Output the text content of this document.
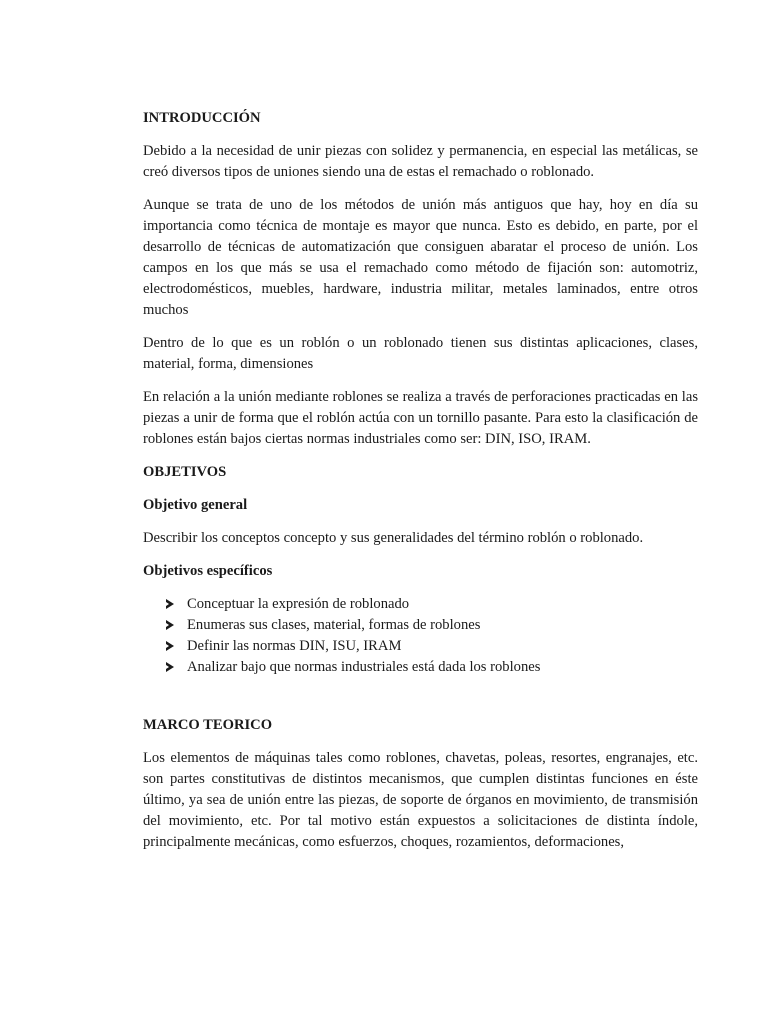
INTRODUCCIÓN

Debido a la necesidad de unir piezas con solidez y permanencia, en especial las metálicas, se creó diversos tipos de uniones siendo una de estas el remachado o roblonado.

Aunque se trata de uno de los métodos de unión más antiguos que hay, hoy en día su importancia como técnica de montaje es mayor que nunca. Esto es debido, en parte, por el desarrollo de técnicas de automatización que consiguen abaratar el proceso de unión. Los campos en los que más se usa el remachado como método de fijación son: automotriz, electrodomésticos, muebles, hardware, industria militar, metales laminados, entre otros muchos

Dentro de lo que es un roblón o un roblonado tienen sus distintas aplicaciones, clases, material, forma, dimensiones

En relación a la unión mediante roblones se realiza a través de perforaciones practicadas en las piezas a unir de forma que el roblón actúa con un tornillo pasante. Para esto la clasificación de roblones están bajos ciertas normas industriales como ser: DIN, ISO, IRAM.

OBJETIVOS
Objetivo general

Describir los conceptos concepto y sus generalidades del término roblón o roblonado.

Objetivos específicos
Conceptuar la expresión de roblonado
Enumeras sus clases, material, formas de roblones
Definir las normas DIN, ISU, IRAM
Analizar bajo que normas industriales está dada los roblones
MARCO TEORICO

Los elementos de máquinas tales como roblones, chavetas, poleas, resortes, engranajes, etc. son partes constitutivas de distintos mecanismos, que cumplen distintas funciones en éste último, ya sea de unión entre las piezas, de soporte de órganos en movimiento, de transmisión del movimiento, etc. Por tal motivo están expuestos a solicitaciones de distinta índole, principalmente mecánicas, como esfuerzos, choques, rozamientos, deformaciones,
